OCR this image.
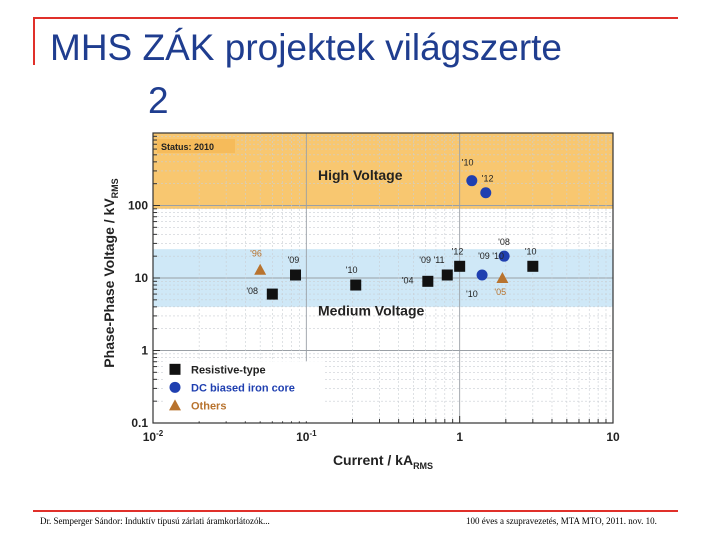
MHS ZÁK projektek világszerte
2
High Voltage
Medium Voltage
Status: 2010
100
10
1
0.1
$10^{-2}$	$10^{-1}$	1	10
Current / $kA_{RMS}$
Phase-Phase Voltage / $kV_{RMS}$
'08
'09
'10
'04
'09 '11
'12	'10
'10
'12
'08
'09 '10
'96
'05
'10
Resistive-type
DC biased iron core
Others
Dr. Semperger Sándor: Induktív típusú zárlati áramkorlátozók...	100 éves a szupravezetés, MTA MTO, 2011. nov. 10.
